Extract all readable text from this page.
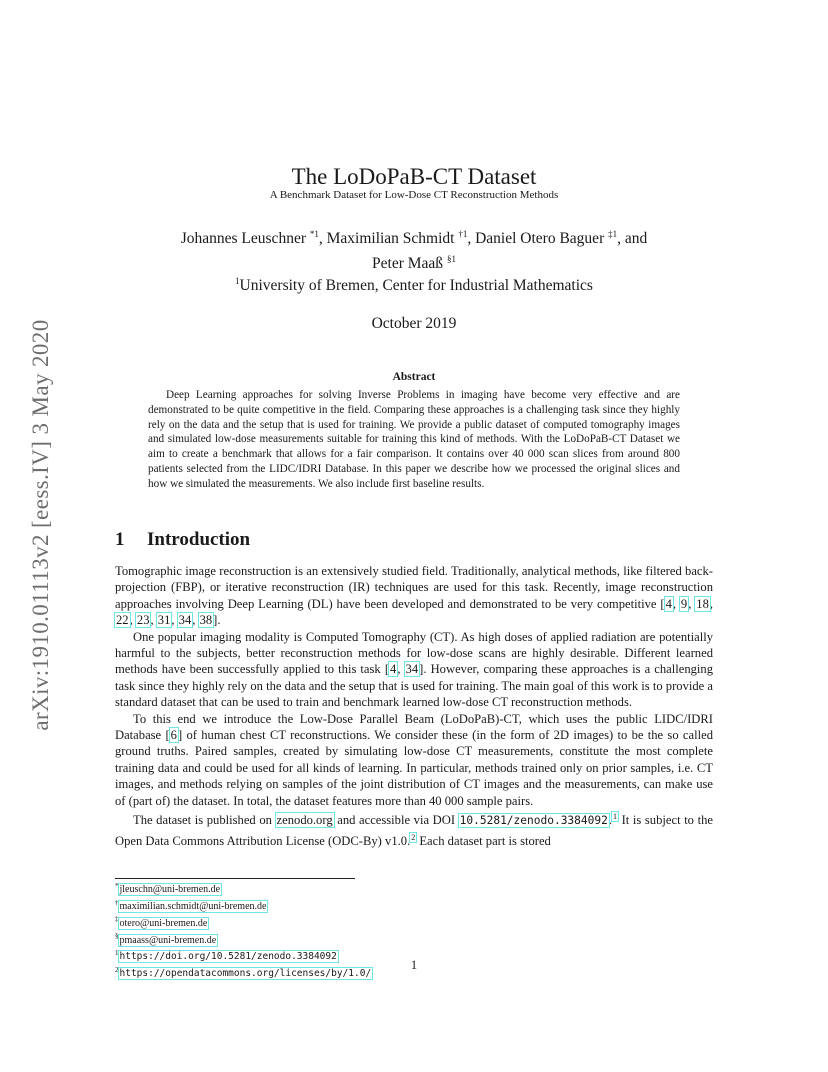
arXiv:1910.01113v2 [eess.IV] 3 May 2020
The LoDoPaB-CT Dataset
A Benchmark Dataset for Low-Dose CT Reconstruction Methods
Johannes Leuschner $^{*1}$, Maximilian Schmidt $^{\dagger 1}$, Daniel Otero Baguer $^{\ddagger 1}$, and
Peter Maaß $^{\S 1}$
$^1$University of Bremen, Center for Industrial Mathematics
October 2019
Abstract
Deep Learning approaches for solving Inverse Problems in imaging have become very effective and are demonstrated to be quite competitive in the field. Comparing these approaches is a challenging task since they highly rely on the data and the setup that is used for training. We provide a public dataset of computed tomography images and simulated low-dose measurements suitable for training this kind of methods. With the LoDoPaB-CT Dataset we aim to create a benchmark that allows for a fair comparison. It contains over 40 000 scan slices from around 800 patients selected from the LIDC/IDRI Database. In this paper we describe how we processed the original slices and how we simulated the measurements. We also include first baseline results.
1 Introduction

Tomographic image reconstruction is an extensively studied field. Traditionally, analytical methods, like filtered back-projection (FBP), or iterative reconstruction (IR) techniques are used for this task. Recently, image reconstruction approaches involving Deep Learning (DL) have been developed and demonstrated to be very competitive [4, 9, 18, 22, 23, 31, 34, 38].

One popular imaging modality is Computed Tomography (CT). As high doses of applied radiation are potentially harmful to the subjects, better reconstruction methods for low-dose scans are highly desirable. Different learned methods have been successfully applied to this task [4, 34]. However, comparing these approaches is a challenging task since they highly rely on the data and the setup that is used for training. The main goal of this work is to provide a standard dataset that can be used to train and benchmark learned low-dose CT reconstruction methods.

To this end we introduce the Low-Dose Parallel Beam (LoDoPaB)-CT, which uses the public LIDC/IDRI Database [6] of human chest CT reconstructions. We consider these (in the form of 2D images) to be the so called ground truths. Paired samples, created by simulating low-dose CT measurements, constitute the most complete training data and could be used for all kinds of learning. In particular, methods trained only on prior samples, i.e. CT images, and methods relying on samples of the joint distribution of CT images and the measurements, can make use of (part of) the dataset. In total, the dataset features more than 40 000 sample pairs.

The dataset is published on zenodo.org and accessible via DOI 10.5281/zenodo.3384092.$^1$ It is subject to the Open Data Commons Attribution License (ODC-By) v1.0.$^2$ Each dataset part is stored

*jleuschn@uni-bremen.de
†maximilian.schmidt@uni-bremen.de
‡otero@uni-bremen.de
§pmaass@uni-bremen.de
$^1$https://doi.org/10.5281/zenodo.3384092
$^2$https://opendatacommons.org/licenses/by/1.0/
1
